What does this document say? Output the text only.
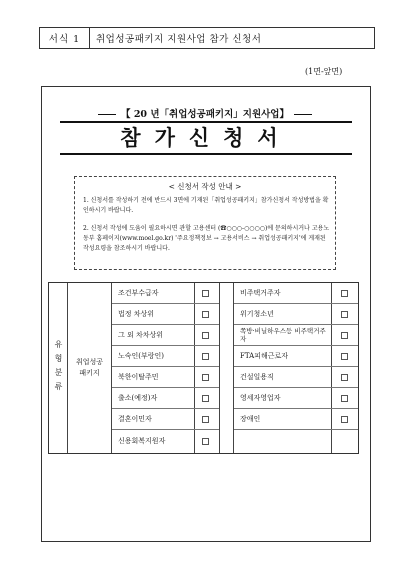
서식 1	취업성공패키지 지원사업 참가 신청서
(1면-앞면)
【 20 년「취업성공패키지」지원사업】
참가신청서
< 신청서 작성 안내 >
1. 신청서를 작성하기 전에 반드시 3면에 기재된「취업성공패키지」참가신청서 작성방법을 확인하시기 바랍니다.
2. 신청서 작성에 도움이 필요하시면 관할 고용센터 (☎○○○-○○○○)에 문의하시거나 고용노동부 홈페이지(www.moel.go.kr) '주요정책정보 → 고용서비스 → 취업성공패키지'에 게재된 작성요령을 참조하시기 바랍니다.
유형분류 취업성공패키지
조건부수급자
법정 차상위
그 외 차차상위
노숙인(부랑인)
북한이탈주민
출소(예정)자
결혼이민자
신용회복지원자
비주택거주자
위기청소년
쪽방·비닐하우스등 비주택거주자
FTA피해근로자
건설일용직
영세자영업자
장애인
